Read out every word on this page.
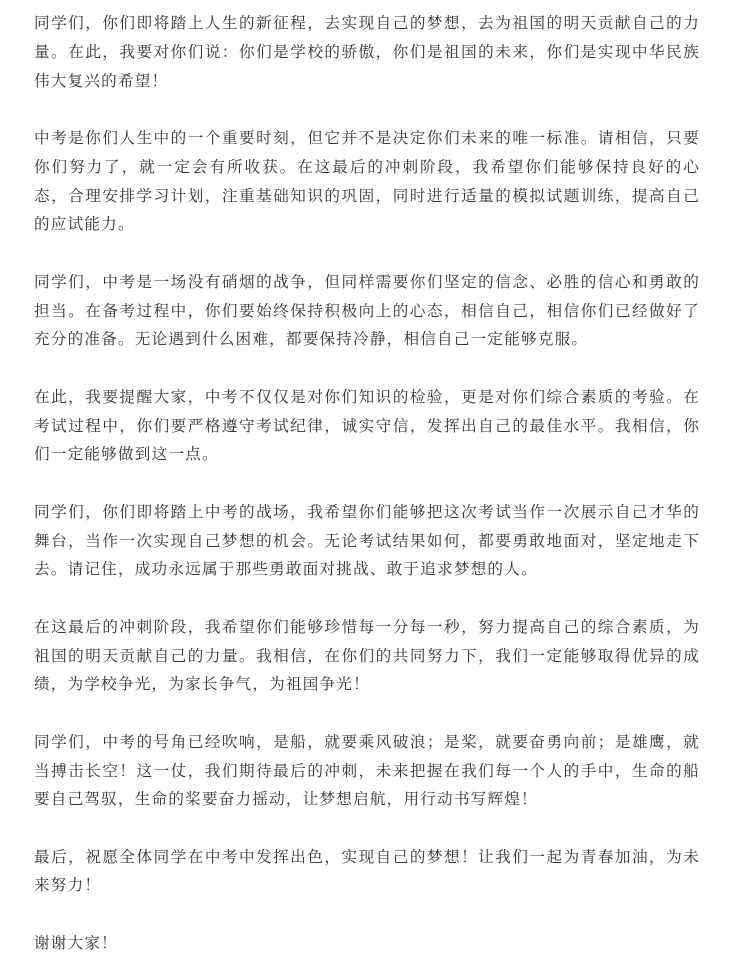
同学们，你们即将踏上人生的新征程，去实现自己的梦想，去为祖国的明天贡献自己的力量。在此，我要对你们说：你们是学校的骄傲，你们是祖国的未来，你们是实现中华民族伟大复兴的希望！

中考是你们人生中的一个重要时刻，但它并不是决定你们未来的唯一标准。请相信，只要你们努力了，就一定会有所收获。在这最后的冲刺阶段，我希望你们能够保持良好的心态，合理安排学习计划，注重基础知识的巩固，同时进行适量的模拟试题训练，提高自己的应试能力。

同学们，中考是一场没有硝烟的战争，但同样需要你们坚定的信念、必胜的信心和勇敢的担当。在备考过程中，你们要始终保持积极向上的心态，相信自己，相信你们已经做好了充分的准备。无论遇到什么困难，都要保持冷静，相信自己一定能够克服。

在此，我要提醒大家，中考不仅仅是对你们知识的检验，更是对你们综合素质的考验。在考试过程中，你们要严格遵守考试纪律，诚实守信，发挥出自己的最佳水平。我相信，你们一定能够做到这一点。

同学们，你们即将踏上中考的战场，我希望你们能够把这次考试当作一次展示自己才华的舞台，当作一次实现自己梦想的机会。无论考试结果如何，都要勇敢地面对，坚定地走下去。请记住，成功永远属于那些勇敢面对挑战、敢于追求梦想的人。

在这最后的冲刺阶段，我希望你们能够珍惜每一分每一秒，努力提高自己的综合素质，为祖国的明天贡献自己的力量。我相信，在你们的共同努力下，我们一定能够取得优异的成绩，为学校争光，为家长争气，为祖国争光！

同学们，中考的号角已经吹响，是船，就要乘风破浪；是桨，就要奋勇向前；是雄鹰，就当搏击长空！这一仗，我们期待最后的冲刺，未来把握在我们每一个人的手中，生命的船要自己驾驭，生命的桨要奋力摇动，让梦想启航，用行动书写辉煌！

最后，祝愿全体同学在中考中发挥出色，实现自己的梦想！让我们一起为青春加油，为未来努力！

谢谢大家！
